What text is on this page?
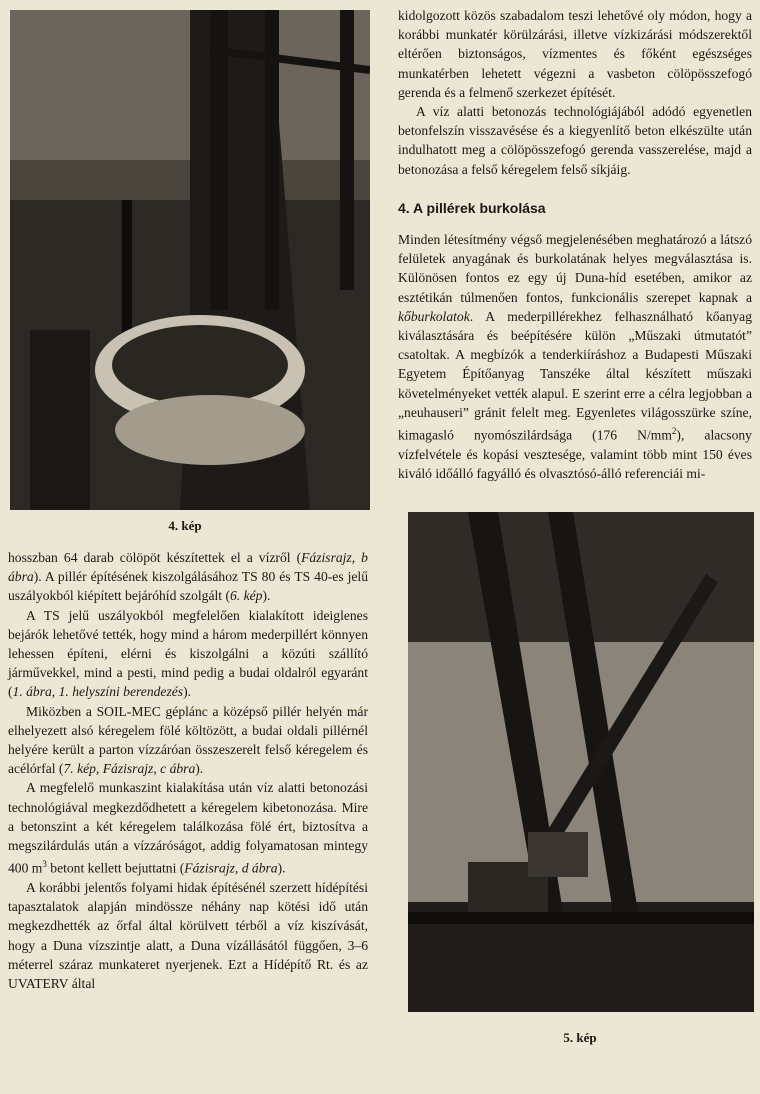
4. kép
5. kép

kidolgozott közös szabadalom teszi lehetővé oly módon, hogy a korábbi munkatér körülzárási, illetve vízkizárási módszerektől eltérően biztonságos, vízmentes és főként egészséges munkatérben lehetett végezni a vasbeton cölöpösszefogó gerenda és a felmenő szerkezet építését.

A víz alatti betonozás technológiájából adódó egyenetlen betonfelszín visszavésése és a kiegyenlítő beton elkészülte után indulhatott meg a cölöpösszefogó gerenda vasszerelése, majd a betonozása a felső kéregelem felső síkjáig.

4. A pillérek burkolása

Minden létesítmény végső megjelenésében meghatározó a látszó felületek anyagának és burkolatának helyes megválasztása is. Különösen fontos ez egy új Duna-híd esetében, amikor az esztétikán túlmenően fontos, funkcionális szerepet kapnak a kőburkolatok. A mederpillérekhez felhasználható kőanyag kiválasztására és beépítésére külön „Műszaki útmutatót” csatoltak. A megbízók a tenderkiíráshoz a Budapesti Műszaki Egyetem Építőanyag Tanszéke által készített műszaki követelményeket vették alapul. E szerint erre a célra legjobban a „neuhauseri” gránit felelt meg. Egyenletes világosszürke színe, kimagasló nyomószilárdsága (176 $N/mm^2$), alacsony vízfelvétele és kopási vesztesége, valamint több mint 150 éves kiváló időálló fagyálló és olvasztósó-álló referenciái mi-

hosszban 64 darab cölöpöt készítettek el a vízről (Fázisrajz, b ábra). A pillér építésének kiszolgálásához TS 80 és TS 40-es jelű uszályokból kiépített bejáróhíd szolgált (6. kép).

A TS jelű uszályokból megfelelően kialakított ideiglenes bejárók lehetővé tették, hogy mind a három mederpillért könnyen lehessen építeni, elérni és kiszolgálni a közúti szállító járművekkel, mind a pesti, mind pedig a budai oldalról egyaránt (1. ábra, 1. helyszíni berendezés).

Miközben a SOIL-MEC géplánc a középső pillér helyén már elhelyezett alsó kéregelem fölé költözött, a budai oldali pillérnél helyére került a parton vízzáróan összeszerelt felső kéregelem és acélórfal (7. kép, Fázisrajz, c ábra).

A megfelelő munkaszint kialakítása után víz alatti betonozási technológiával megkezdődhetett a kéregelem kibetonozása. Mire a betonszint a két kéregelem találkozása fölé ért, biztosítva a megszilárdulás után a vízzáróságot, addig folyamatosan mintegy 400 $m^3$ betont kellett bejuttatni (Fázisrajz, d ábra).

A korábbi jelentős folyami hidak építésénél szerzett hídépítési tapasztalatok alapján mindössze néhány nap kötési idő után megkezdhették az őrfal által körülvett térből a víz kiszívását, hogy a Duna vízszintje alatt, a Duna vízállásától függően, 3–6 méterrel száraz munkateret nyerjenek. Ezt a Hídépítő Rt. és az UVATERV által
